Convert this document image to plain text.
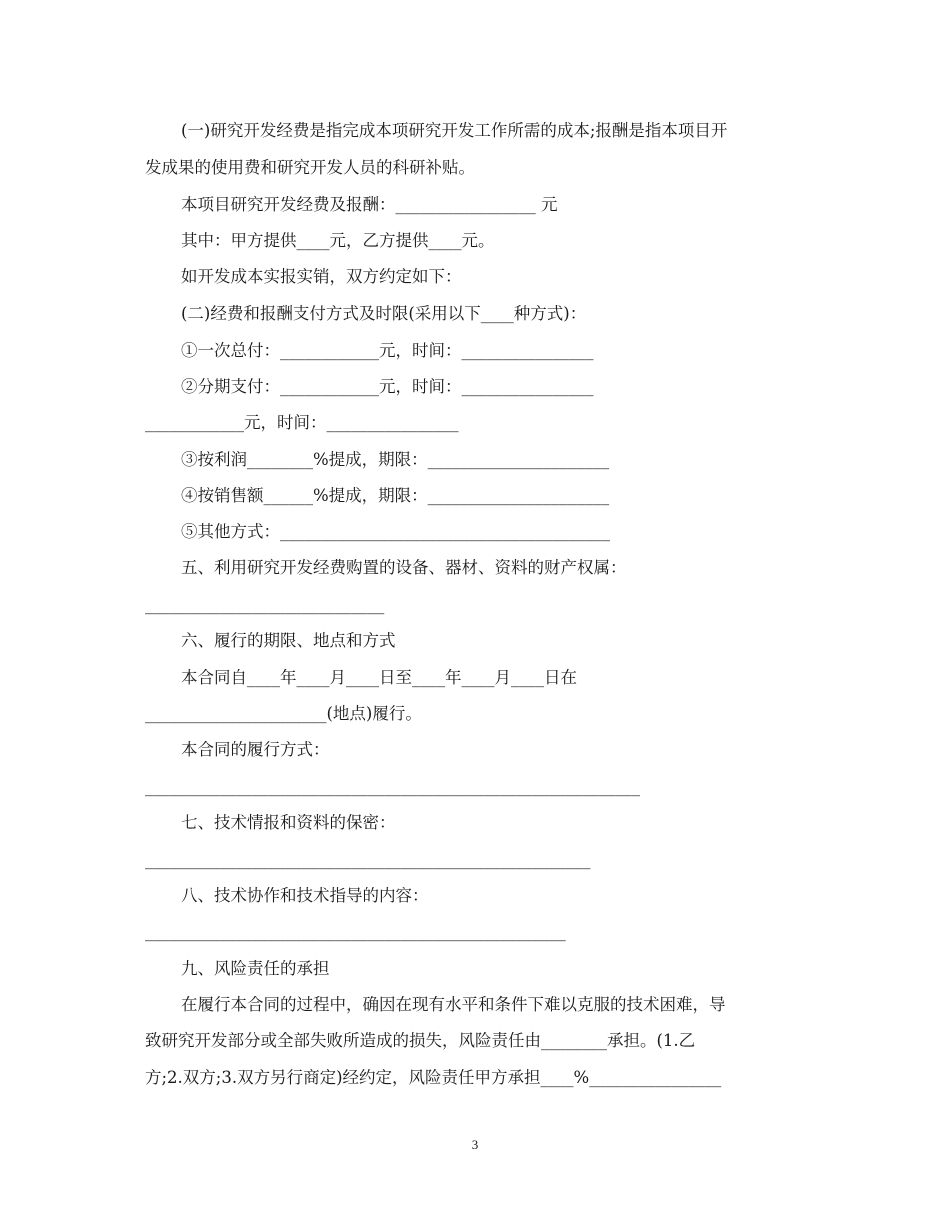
(一)研究开发经费是指完成本项研究开发工作所需的成本;报酬是指本项目开
发成果的使用费和研究开发人员的科研补贴。
本项目研究开发经费及报酬：_________________ 元
其中：甲方提供____元，乙方提供____元。
如开发成本实报实销，双方约定如下：
(二)经费和报酬支付方式及时限(采用以下____种方式)：
①一次总付：____________元，时间：________________
②分期支付：____________元，时间：________________
____________元，时间：________________
③按利润________%提成，期限：______________________
④按销售额______%提成，期限：______________________
⑤其他方式：________________________________________
五、利用研究开发经费购置的设备、器材、资料的财产权属：
_____________________________
六、履行的期限、地点和方式
本合同自____年____月____日至____年____月____日在
______________________(地点)履行。
本合同的履行方式：
____________________________________________________________
七、技术情报和资料的保密：
______________________________________________________
八、技术协作和技术指导的内容：
___________________________________________________
九、风险责任的承担
在履行本合同的过程中，确因在现有水平和条件下难以克服的技术困难，导
致研究开发部分或全部失败所造成的损失，风险责任由________承担。(1.乙
方;2.双方;3.双方另行商定)经约定，风险责任甲方承担____%________________
3
